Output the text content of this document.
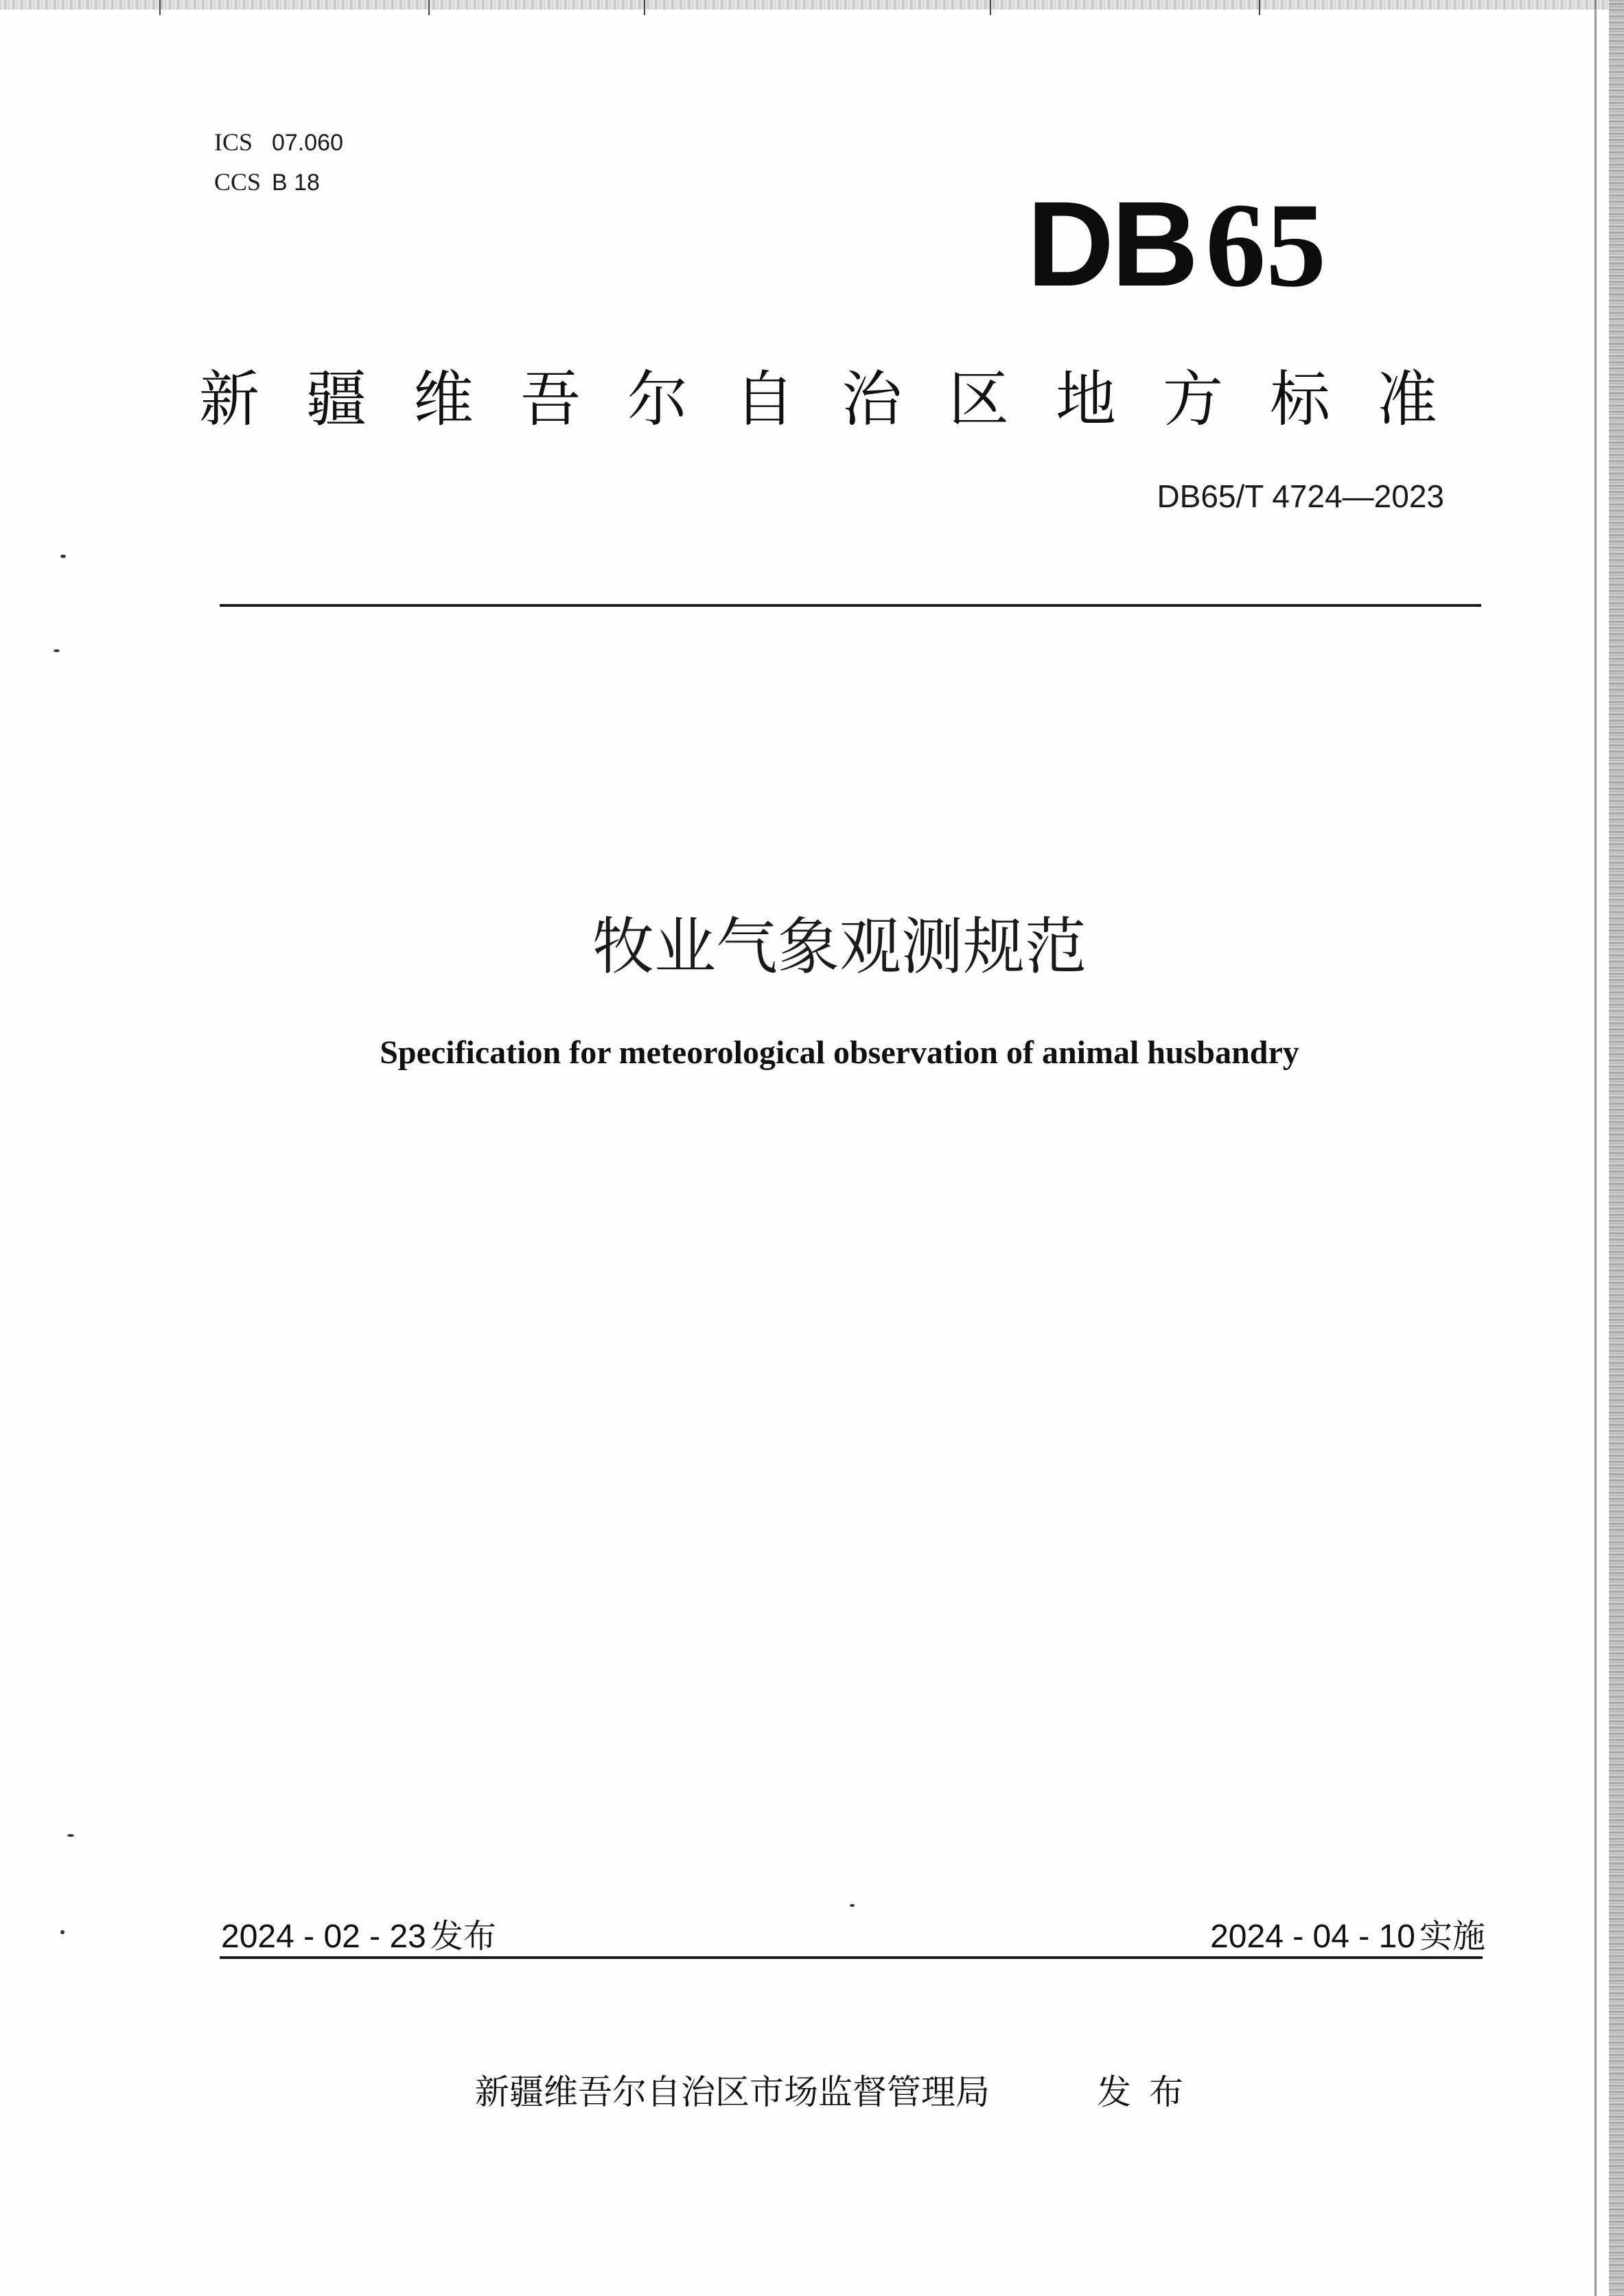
ICS 07.060
CCS B 18	DB65
新疆维吾尔自治区地方标准
DB65/T 4724—2023
牧业气象观测规范
Specification for meteorological observation of animal husbandry
2024 - 02 - 23 发布	2024 - 04 - 10 实施
新疆维吾尔自治区市场监督管理局	发布
